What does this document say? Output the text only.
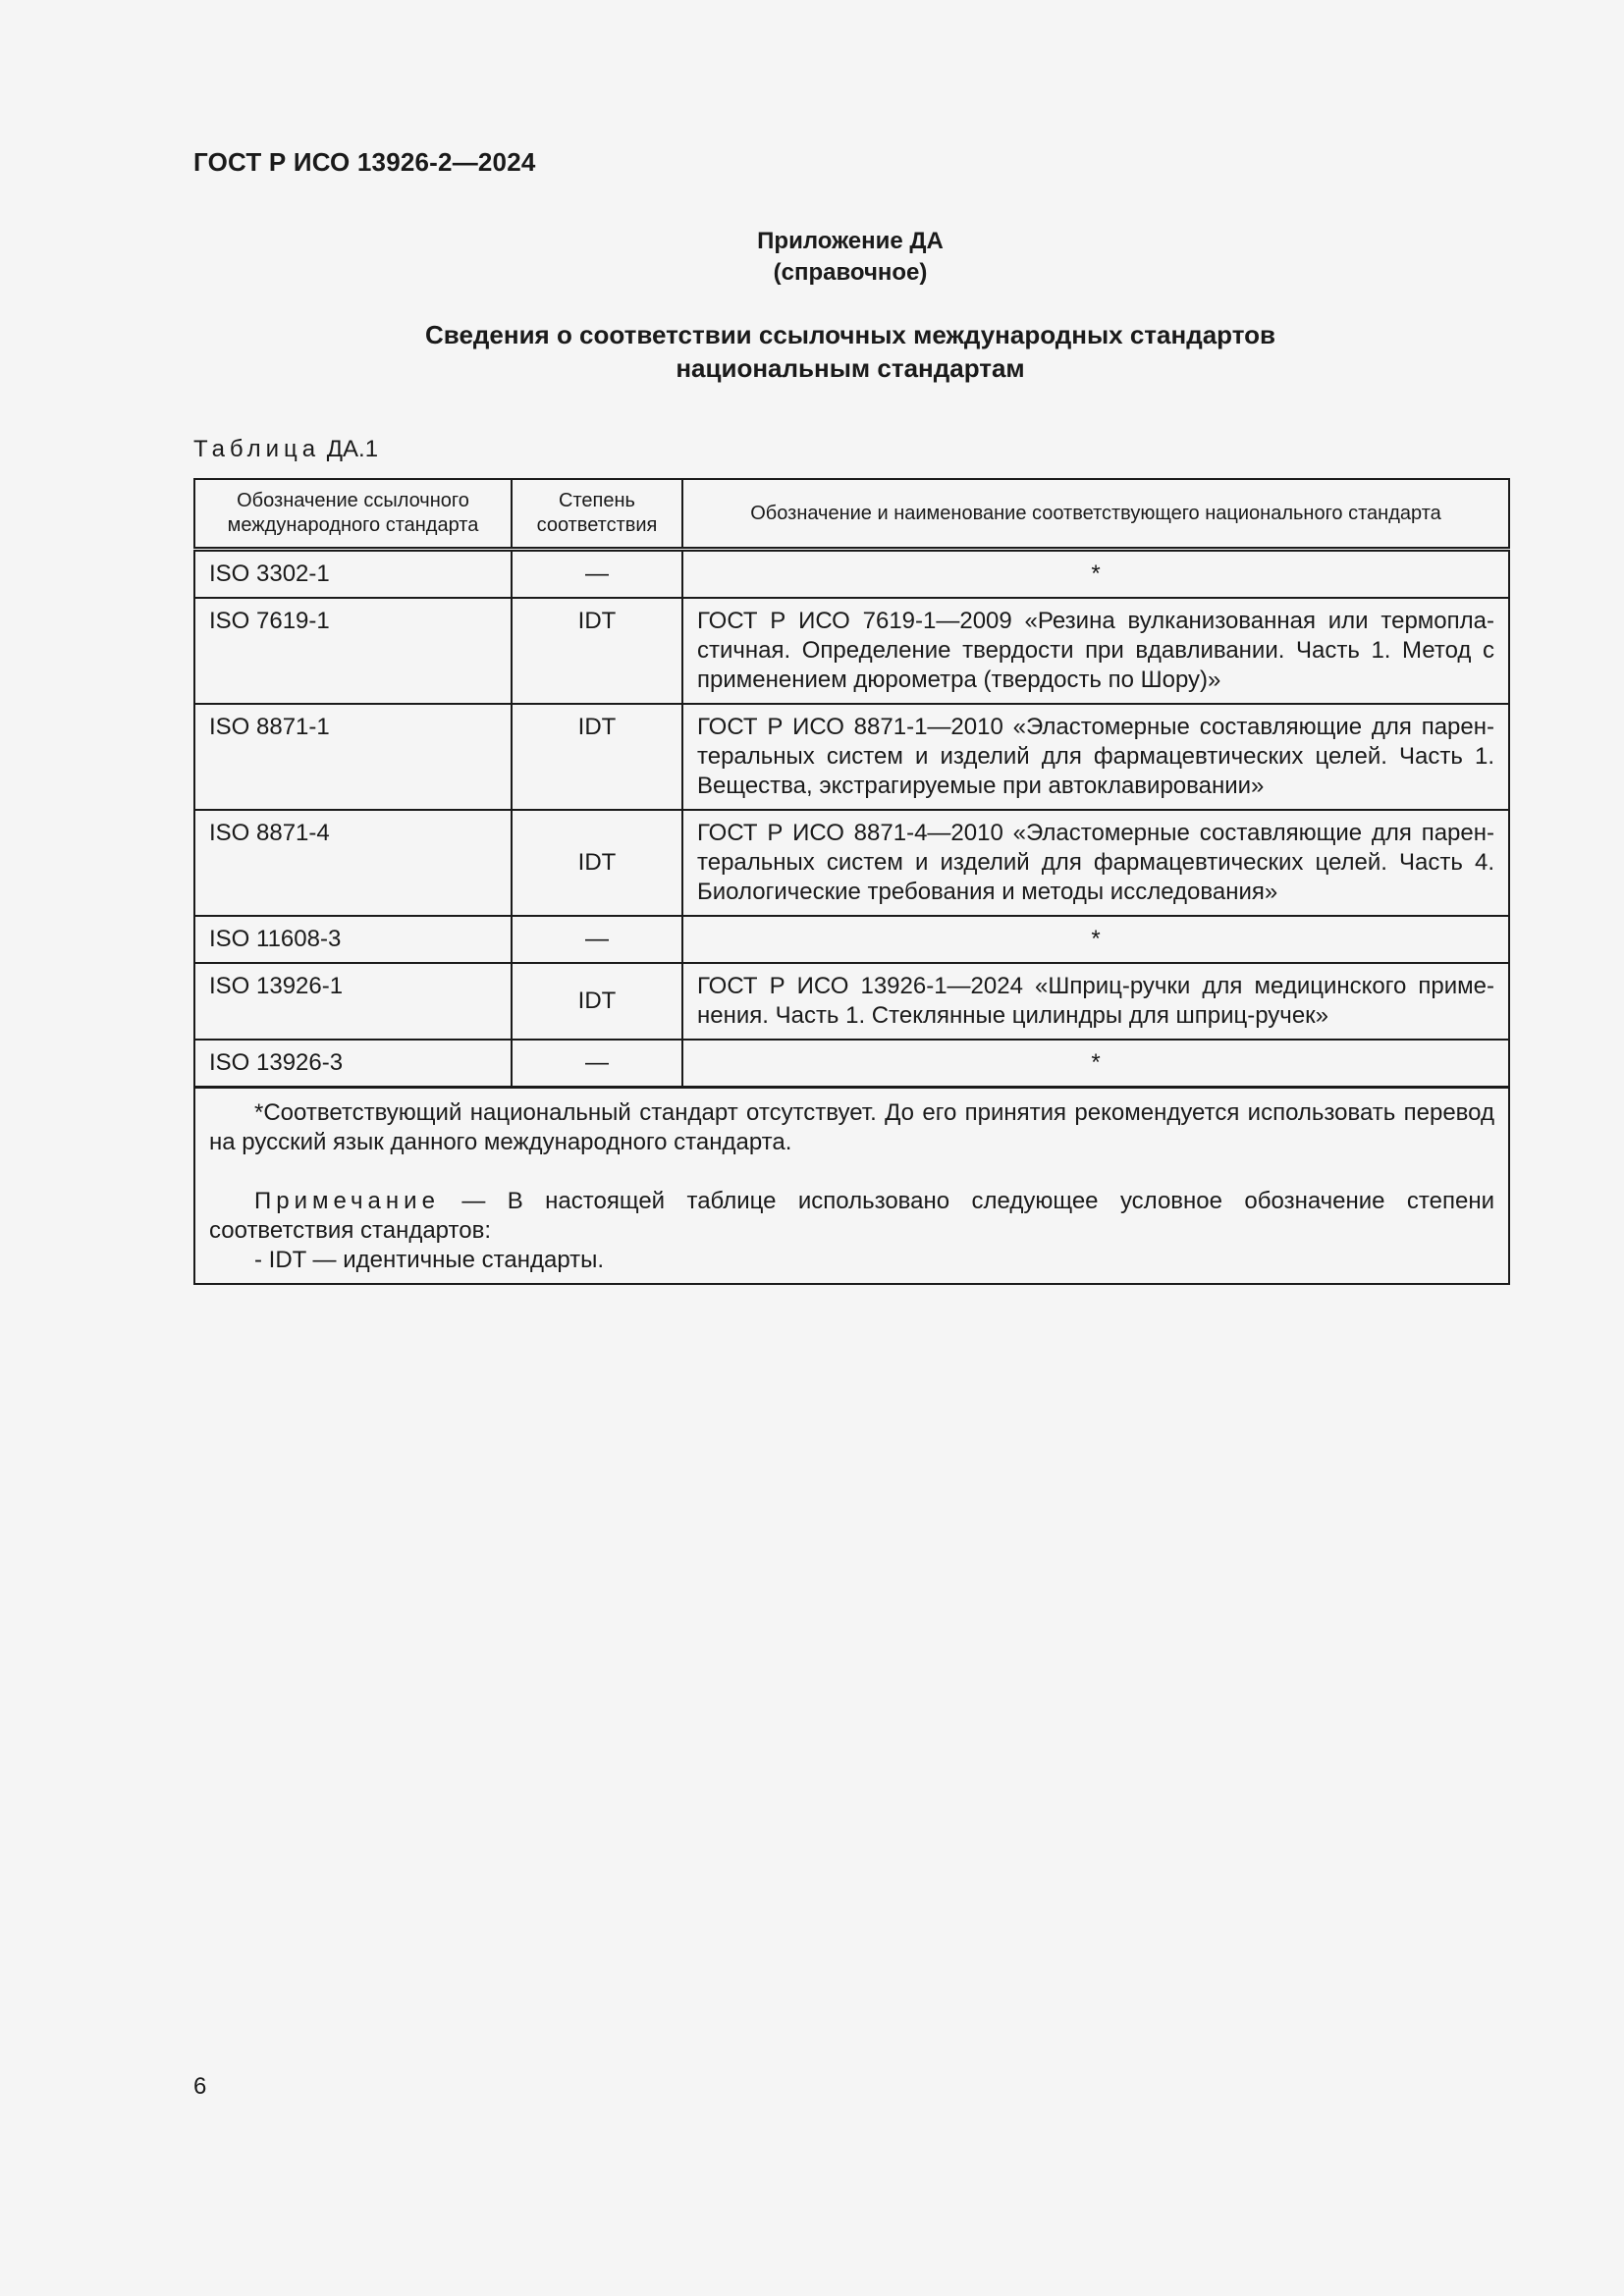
ГОСТ Р ИСО 13926-2—2024
Приложение ДА
(справочное)
Сведения о соответствии ссылочных международных стандартов
национальным стандартам
Таблица ДА.1
Обозначение ссылочного международного стандарта	Степень соответствия	Обозначение и наименование соответствующего национального стандарта
ISO 3302-1	—	*
ISO 7619-1	IDT	ГОСТ Р ИСО 7619-1—2009 «Резина вулканизованная или термопла-стичная. Определение твердости при вдавливании. Часть 1. Метод с применением дюрометра (твердость по Шору)»
ISO 8871-1	IDT	ГОСТ Р ИСО 8871-1—2010 «Эластомерные составляющие для парен-теральных систем и изделий для фармацевтических целей. Часть 1. Вещества, экстрагируемые при автоклавировании»
ISO 8871-4	IDT	ГОСТ Р ИСО 8871-4—2010 «Эластомерные составляющие для парен-теральных систем и изделий для фармацевтических целей. Часть 4. Биологические требования и методы исследования»
ISO 11608-3	—	*
ISO 13926-1	IDT	ГОСТ Р ИСО 13926-1—2024 «Шприц-ручки для медицинского приме-нения. Часть 1. Стеклянные цилиндры для шприц-ручек»
ISO 13926-3	—	*

*Соответствующий национальный стандарт отсутствует. До его принятия рекомендуется использовать перевод на русский язык данного международного стандарта.

Примечание — В настоящей таблице использовано следующее условное обозначение степени соответствия стандартов:

- IDT — идентичные стандарты.		

6
